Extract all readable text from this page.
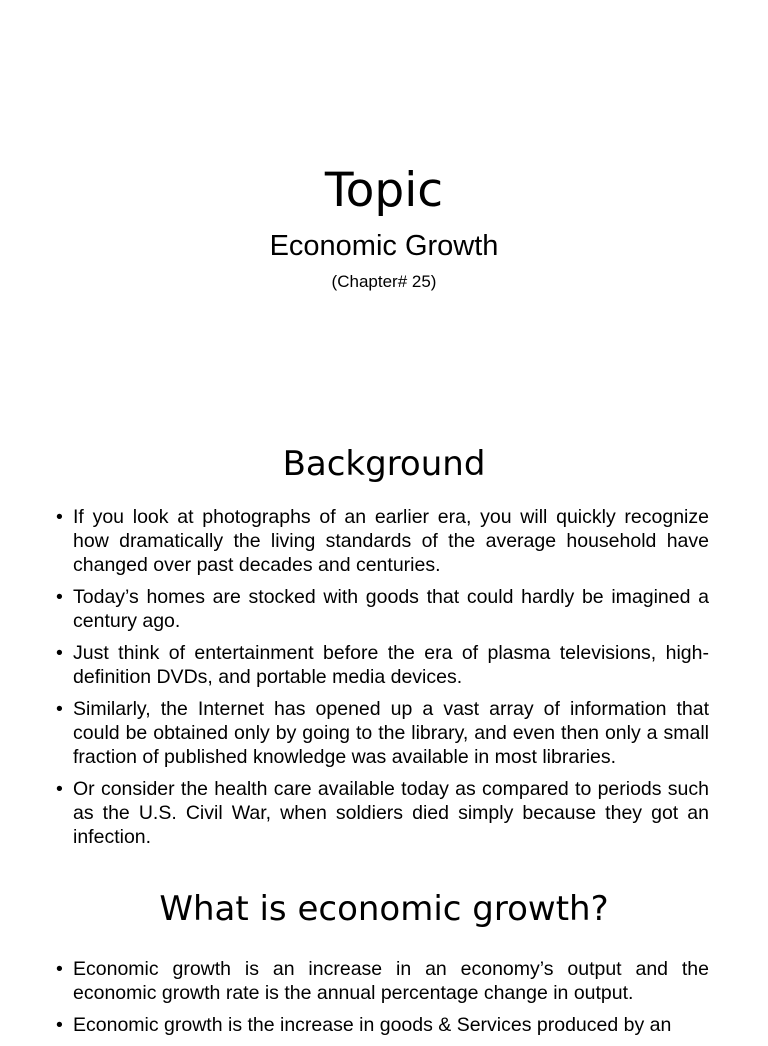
Topic
Economic Growth
(Chapter# 25)
Background
• If you look at photographs of an earlier era, you will quickly recognize how dramatically the living standards of the average household have changed over past decades and centuries.
• Today’s homes are stocked with goods that could hardly be imagined a century ago.
• Just think of entertainment before the era of plasma televisions, high-definition DVDs, and portable media devices.
• Similarly, the Internet has opened up a vast array of information that could be obtained only by going to the library, and even then only a small fraction of published knowledge was available in most libraries.
• Or consider the health care available today as compared to periods such as the U.S. Civil War, when soldiers died simply because they got an infection.
What is economic growth?
• Economic growth is an increase in an economy’s output and the economic growth rate is the annual percentage change in output.
• Economic growth is the increase in goods & Services produced by an
